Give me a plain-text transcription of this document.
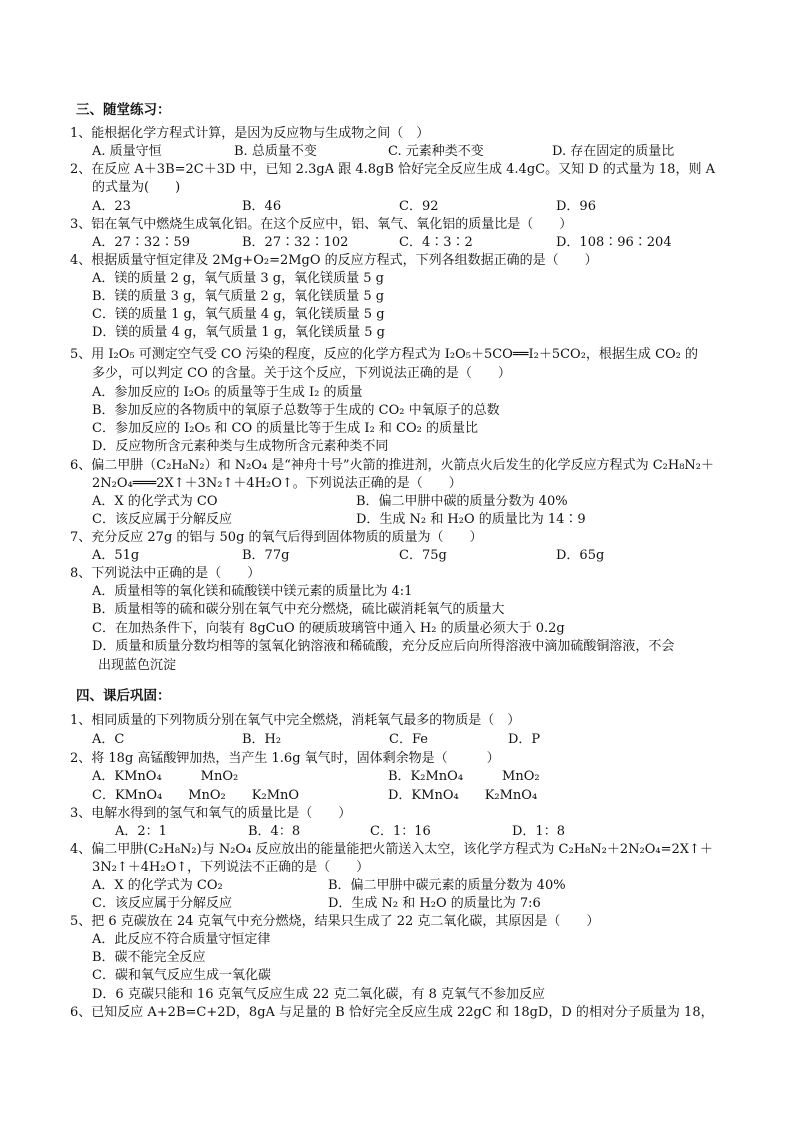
三、随堂练习：
1、能根据化学方程式计算，是因为反应物与生成物之间（　）
A. 质量守恒	B. 总质量不变	C. 元素种类不变	D. 存在固定的质量比
2、在反应 A＋3B=2C＋3D 中，已知 2.3gA 跟 4.8gB 恰好完全反应生成 4.4gC。又知 D 的式量为 18，则 A
的式量为(　　)
A．23	B．46	C．92	D．96
3、铝在氧气中燃烧生成氧化铝。在这个反应中，铝、氧气、氧化铝的质量比是（　　）
A．27∶32∶59	B．27∶32∶102	C．4∶3∶2	D．108∶96∶204
4、根据质量守恒定律及 2Mg+O₂=2MgO 的反应方程式，下列各组数据正确的是（　　）
A．镁的质量 2 g，氧气质量 3 g，氧化镁质量 5 g
B．镁的质量 3 g，氧气质量 2 g，氧化镁质量 5 g
C．镁的质量 1 g，氧气质量 4 g，氧化镁质量 5 g
D．镁的质量 4 g，氧气质量 1 g，氧化镁质量 5 g
5、用 I₂O₅ 可测定空气受 CO 污染的程度，反应的化学方程式为 I₂O₅＋5CO══I₂＋5CO₂，根据生成 CO₂ 的
多少，可以判定 CO 的含量。关于这个反应，下列说法正确的是（　　）
A．参加反应的 I₂O₅ 的质量等于生成 I₂ 的质量
B．参加反应的各物质中的氧原子总数等于生成的 CO₂ 中氧原子的总数
C．参加反应的 I₂O₅ 和 CO 的质量比等于生成 I₂ 和 CO₂ 的质量比
D．反应物所含元素种类与生成物所含元素种类不同
6、偏二甲肼（C₂H₈N₂）和 N₂O₄ 是“神舟十号”火箭的推进剂，火箭点火后发生的化学反应方程式为 C₂H₈N₂＋
2N₂O₄═══2X↑＋3N₂↑＋4H₂O↑。下列说法正确的是（　　）
A．X 的化学式为 CO	B．偏二甲肼中碳的质量分数为 40%
C．该反应属于分解反应	D．生成 N₂ 和 H₂O 的质量比为 14∶9
7、充分反应 27g 的铝与 50g 的氧气后得到固体物质的质量为（　　）
A．51g	B．77g	C．75g	D．65g
8、下列说法中正确的是（　　）
A．质量相等的氧化镁和硫酸镁中镁元素的质量比为 4:1
B．质量相等的硫和碳分别在氧气中充分燃烧，硫比碳消耗氧气的质量大
C．在加热条件下，向装有 8gCuO 的硬质玻璃管中通入 H₂ 的质量必须大于 0.2g
D．质量和质量分数均相等的氢氧化钠溶液和稀硫酸，充分反应后向所得溶液中滴加硫酸铜溶液，不会
出现蓝色沉淀
四、课后巩固：
1、相同质量的下列物质分别在氧气中完全燃烧，消耗氧气最多的物质是（　）
A．C	B．H₂	C．Fe	D．P
2、将 18g 高锰酸钾加热，当产生 1.6g 氧气时，固体剩余物是（　　　）
A．KMnO₄　　　MnO₂	B．K₂MnO₄　　　MnO₂
C．KMnO₄　　MnO₂　　K₂MnO	D．KMnO₄　　K₂MnO₄
3、电解水得到的氢气和氧气的质量比是（　　）
A．2：1	B．4：8	C．1：16	D．1：8
4、偏二甲肼(C₂H₈N₂)与 N₂O₄ 反应放出的能量能把火箭送入太空，该化学方程式为 C₂H₈N₂＋2N₂O₄=2X↑＋
3N₂↑＋4H₂O↑，下列说法不正确的是（　　）
A．X 的化学式为 CO₂	B．偏二甲肼中碳元素的质量分数为 40%
C．该反应属于分解反应	D．生成 N₂ 和 H₂O 的质量比为 7:6
5、把 6 克碳放在 24 克氧气中充分燃烧，结果只生成了 22 克二氧化碳，其原因是（　　）
A．此反应不符合质量守恒定律
B．碳不能完全反应
C．碳和氧气反应生成一氧化碳
D．6 克碳只能和 16 克氧气反应生成 22 克二氧化碳，有 8 克氧气不参加反应
6、已知反应 A+2B=C+2D，8gA 与足量的 B 恰好完全反应生成 22gC 和 18gD，D 的相对分子质量为 18，
